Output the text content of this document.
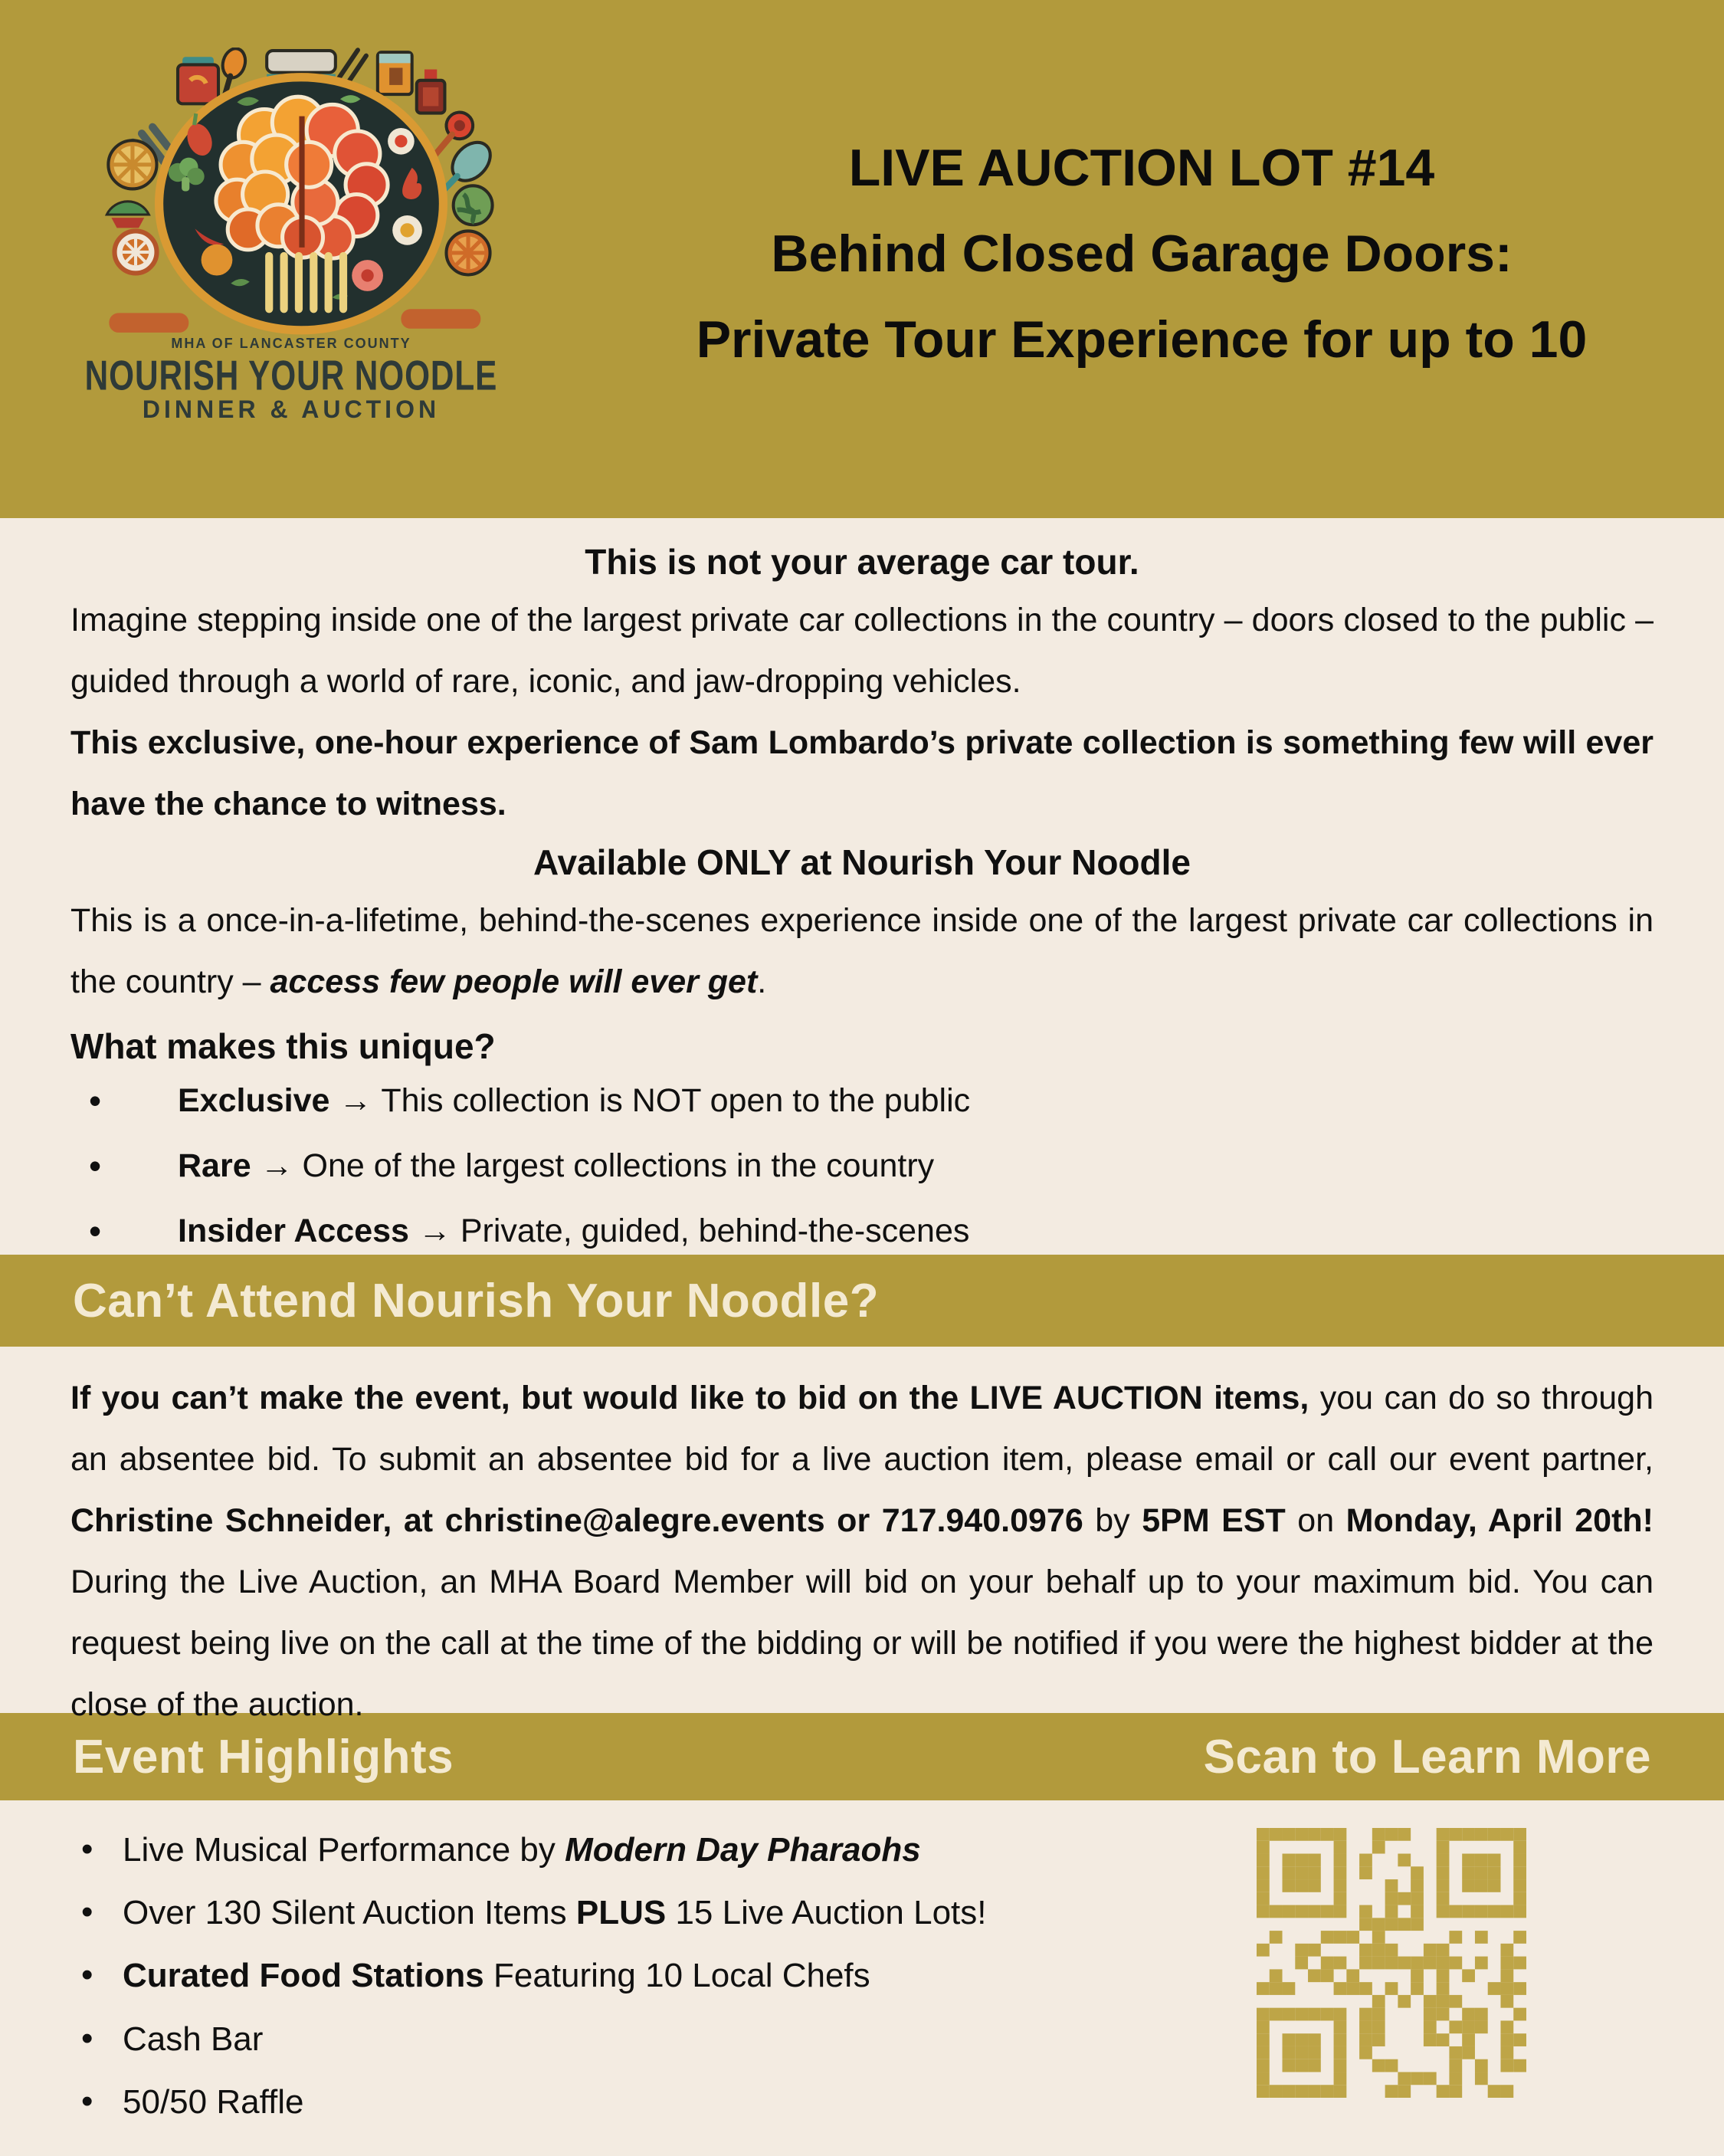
MHA OF LANCASTER COUNTY
NOURISH YOUR NOODLE
DINNER & AUCTION
LIVE AUCTION LOT #14
Behind Closed Garage Doors:
Private Tour Experience for up to 10
This is not your average car tour.

Imagine stepping inside one of the largest private car collections in the country – doors closed to the public – guided through a world of rare, iconic, and jaw-dropping vehicles.

This exclusive, one-hour experience of Sam Lombardo’s private collection is something few will ever have the chance to witness.

Available ONLY at Nourish Your Noodle

This is a once-in-a-lifetime, behind-the-scenes experience inside one of the largest private car collections in the country – access few people will ever get.

What makes this unique?
• Exclusive → This collection is NOT open to the public
• Rare → One of the largest collections in the country
• Insider Access → Private, guided, behind-the-scenes
Can’t Attend Nourish Your Noodle?

If you can’t make the event, but would like to bid on the LIVE AUCTION items, you can do so through an absentee bid. To submit an absentee bid for a live auction item, please email or call our event partner, Christine Schneider, at christine@alegre.events or 717.940.0976 by 5PM EST on Monday, April 20th! During the Live Auction, an MHA Board Member will bid on your behalf up to your maximum bid. You can request being live on the call at the time of the bidding or will be notified if you were the highest bidder at the close of the auction.

Event Highlights	Scan to Learn More
• Live Musical Performance by Modern Day Pharaohs
• Over 130 Silent Auction Items PLUS 15 Live Auction Lots!
• Curated Food Stations Featuring 10 Local Chefs
• Cash Bar
• 50/50 Raffle
